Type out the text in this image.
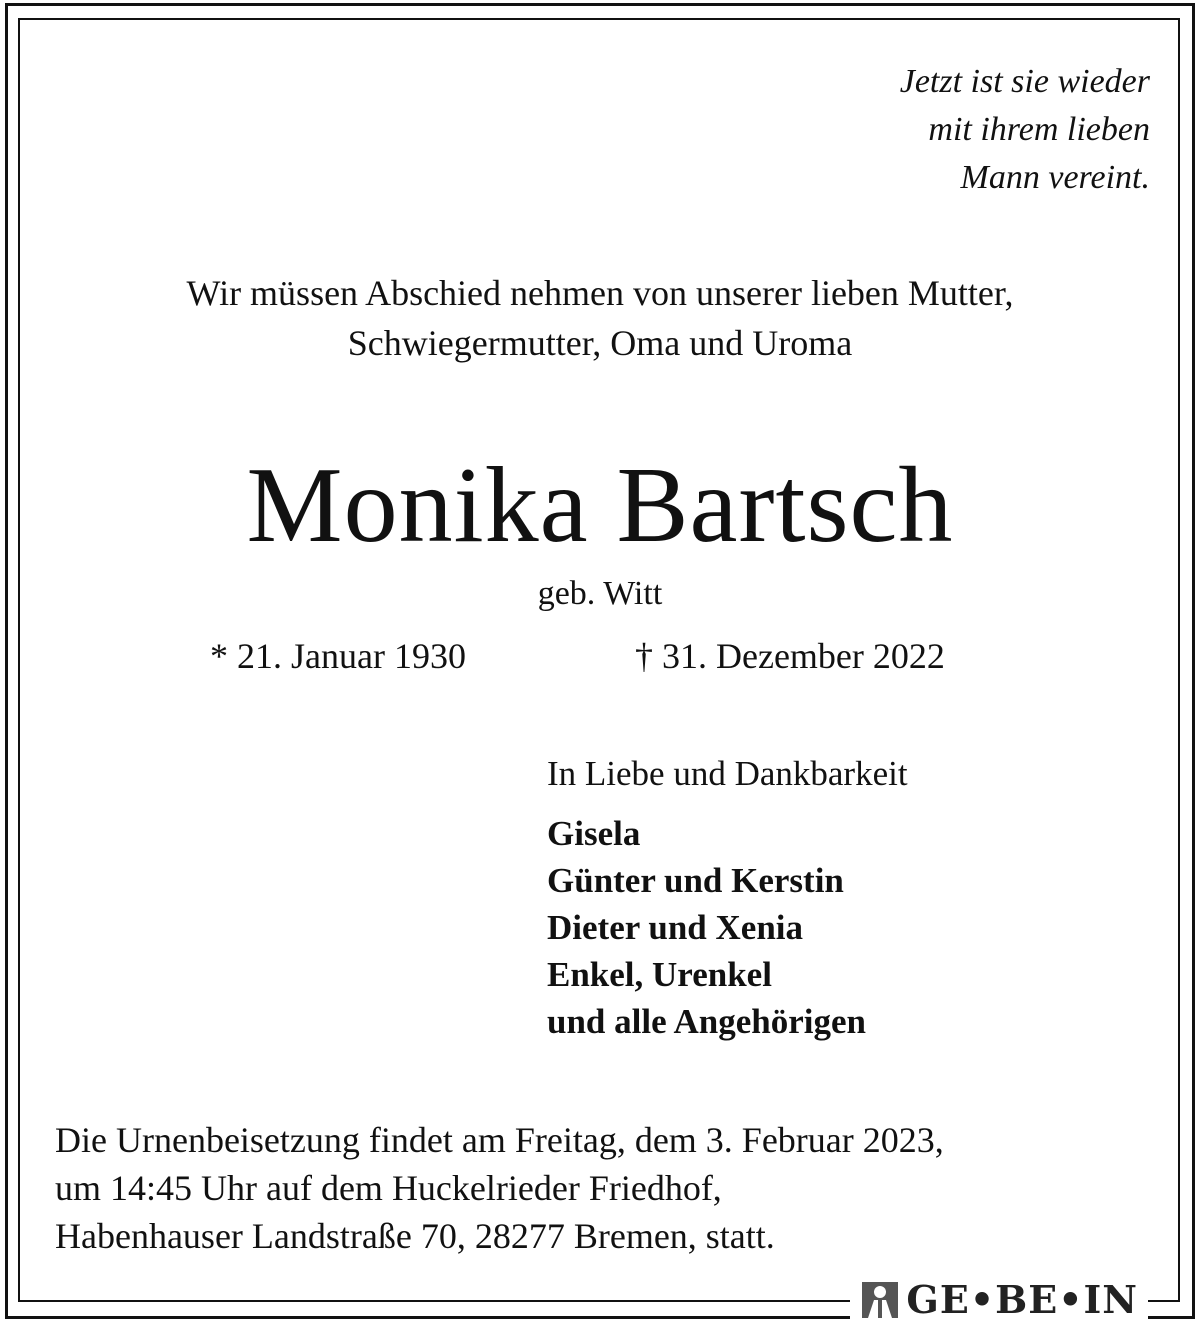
Jetzt ist sie wieder
mit ihrem lieben
Mann vereint.
Wir müssen Abschied nehmen von unserer lieben Mutter,
Schwiegermutter, Oma und Uroma
Monika Bartsch
geb. Witt
* 21. Januar 1930	† 31. Dezember 2022
In Liebe und Dankbarkeit
Gisela
Günter und Kerstin
Dieter und Xenia
Enkel, Urenkel
und alle Angehörigen
Die Urnenbeisetzung findet am Freitag, dem 3. Februar 2023,
um 14:45 Uhr auf dem Huckelrieder Friedhof,
Habenhauser Landstraße 70, 28277 Bremen, statt.
GE•BE•IN
